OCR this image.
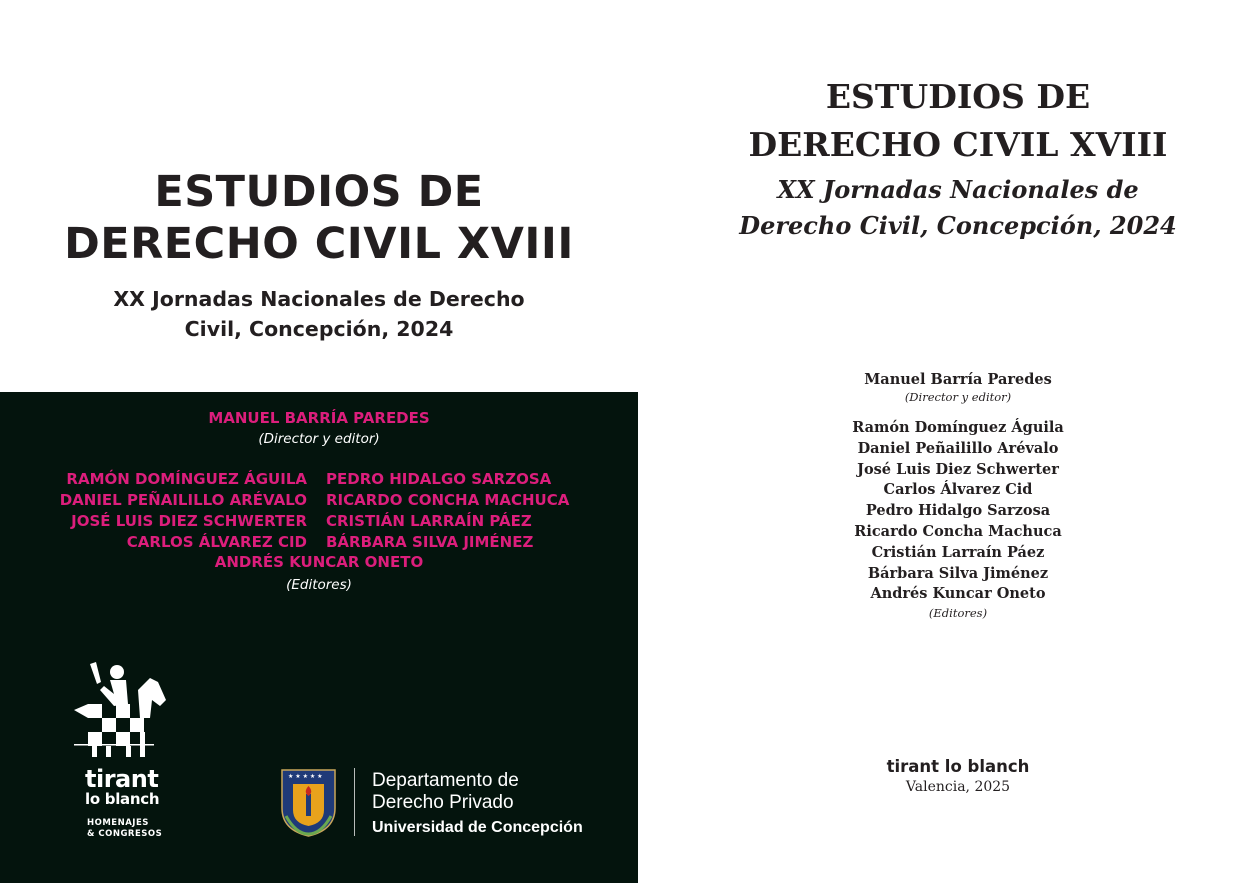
ESTUDIOS DE
DERECHO CIVIL XVIII
XX Jornadas Nacionales de Derecho
Civil, Concepción, 2024
MANUEL BARRÍA PAREDES
(Director y editor)
RAMÓN DOMÍNGUEZ ÁGUILA
DANIEL PEÑAILILLO ARÉVALO
JOSÉ LUIS DIEZ SCHWERTER
CARLOS ÁLVAREZ CID
PEDRO HIDALGO SARZOSA
RICARDO CONCHA MACHUCA
CRISTIÁN LARRAÍN PÁEZ
BÁRBARA SILVA JIMÉNEZ
ANDRÉS KUNCAR ONETO
(Editores)
tirant
lo blanch
HOMENAJES
& CONGRESOS
★ ★ ★ ★ ★	Departamento de
Derecho Privado
Universidad de Concepción
ESTUDIOS DE
DERECHO CIVIL XVIII
XX Jornadas Nacionales de
Derecho Civil, Concepción, 2024
Manuel Barría Paredes
(Director y editor)
Ramón Domínguez Águila
Daniel Peñailillo Arévalo
José Luis Diez Schwerter
Carlos Álvarez Cid
Pedro Hidalgo Sarzosa
Ricardo Concha Machuca
Cristián Larraín Páez
Bárbara Silva Jiménez
Andrés Kuncar Oneto
(Editores)
tirant lo blanch
Valencia, 2025
